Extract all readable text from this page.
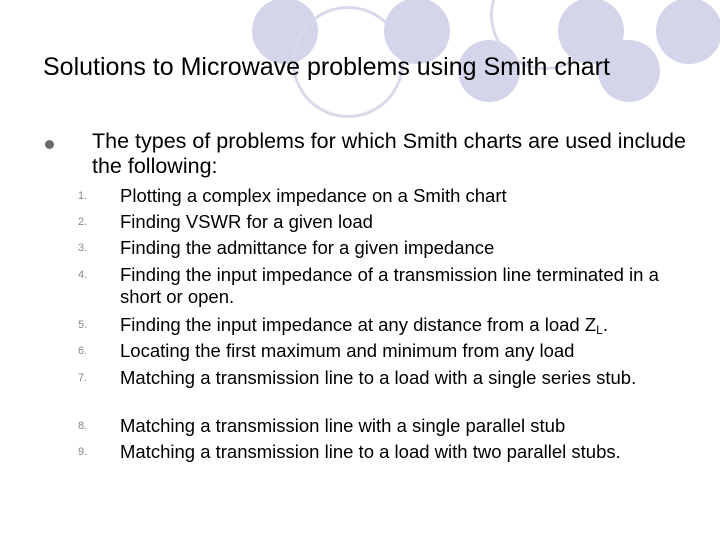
Solutions to Microwave problems using Smith chart
The types of problems for which Smith charts are used include the following:
1.	Plotting a complex impedance on a Smith chart
2.	Finding VSWR for a given load
3.	Finding the admittance for a given impedance
4.	Finding the input impedance of a transmission line terminated in a short or open.
5.	Finding the input impedance at any distance from a load $Z_L$.
6.	Locating the first maximum and minimum from any load
7.	Matching a transmission line to a load with a single series stub.
8.	Matching a transmission line with a single parallel stub
9.	Matching a transmission line to a load with two parallel stubs.
